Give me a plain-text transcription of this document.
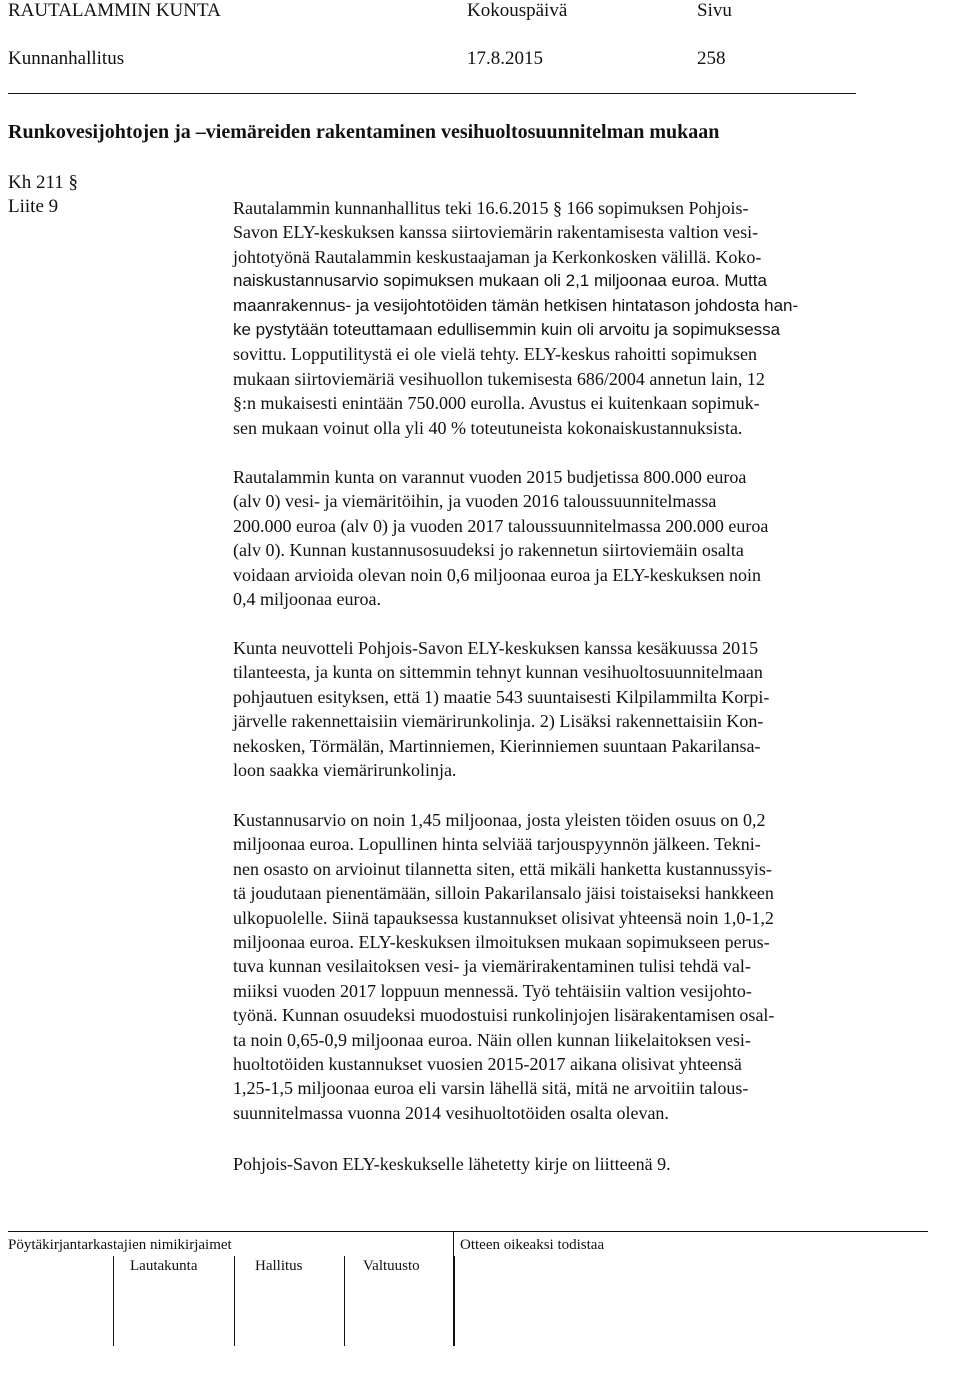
RAUTALAMMIN KUNTA	Kokouspäivä	Sivu
Kunnanhallitus	17.8.2015	258
Runkovesijohtojen ja –viemäreiden rakentaminen vesihuoltosuunnitelman mukaan
Kh 211 §
Liite 9	Rautalammin kunnanhallitus teki 16.6.2015 § 166 sopimuksen Pohjois-
Savon ELY-keskuksen kanssa siirtoviemärin rakentamisesta valtion vesi-
johtotyönä Rautalammin keskustaajaman ja Kerkonkosken välillä. Koko-
naiskustannusarvio sopimuksen mukaan oli 2,1 miljoonaa euroa. Mutta
maanrakennus- ja vesijohtotöiden tämän hetkisen hintatason johdosta han-
ke pystytään toteuttamaan edullisemmin kuin oli arvoitu ja sopimuksessa
sovittu. Lopputilitystä ei ole vielä tehty. ELY-keskus rahoitti sopimuksen
mukaan siirtoviemäriä vesihuollon tukemisesta 686/2004 annetun lain, 12
§:n mukaisesti enintään 750.000 eurolla. Avustus ei kuitenkaan sopimuk-
sen mukaan voinut olla yli 40 % toteutuneista kokonaiskustannuksista.
Rautalammin kunta on varannut vuoden 2015 budjetissa 800.000 euroa
(alv 0) vesi- ja viemäritöihin, ja vuoden 2016 taloussuunnitelmassa
200.000 euroa (alv 0) ja vuoden 2017 taloussuunnitelmassa 200.000 euroa
(alv 0). Kunnan kustannusosuudeksi jo rakennetun siirtoviemäin osalta
voidaan arvioida olevan noin 0,6 miljoonaa euroa ja ELY-keskuksen noin
0,4 miljoonaa euroa.
Kunta neuvotteli Pohjois-Savon ELY-keskuksen kanssa kesäkuussa 2015
tilanteesta, ja kunta on sittemmin tehnyt kunnan vesihuoltosuunnitelmaan
pohjautuen esityksen, että 1) maatie 543 suuntaisesti Kilpilammilta Korpi-
järvelle rakennettaisiin viemärirunkolinja. 2) Lisäksi rakennettaisiin Kon-
nekosken, Törmälän, Martinniemen, Kierinniemen suuntaan Pakarilansa-
loon saakka viemärirunkolinja.
Kustannusarvio on noin 1,45 miljoonaa, josta yleisten töiden osuus on 0,2
miljoonaa euroa. Lopullinen hinta selviää tarjouspyynnön jälkeen. Tekni-
nen osasto on arvioinut tilannetta siten, että mikäli hanketta kustannussyis-
tä joudutaan pienentämään, silloin Pakarilansalo jäisi toistaiseksi hankkeen
ulkopuolelle. Siinä tapauksessa kustannukset olisivat yhteensä noin 1,0-1,2
miljoonaa euroa. ELY-keskuksen ilmoituksen mukaan sopimukseen perus-
tuva kunnan vesilaitoksen vesi- ja viemärirakentaminen tulisi tehdä val-
miiksi vuoden 2017 loppuun mennessä. Työ tehtäisiin valtion vesijohto-
työnä. Kunnan osuudeksi muodostuisi runkolinjojen lisärakentamisen osal-
ta noin 0,65-0,9 miljoonaa euroa. Näin ollen kunnan liikelaitoksen vesi-
huoltotöiden kustannukset vuosien 2015-2017 aikana olisivat yhteensä
1,25-1,5 miljoonaa euroa eli varsin lähellä sitä, mitä ne arvoitiin talous-
suunnitelmassa vuonna 2014 vesihuoltotöiden osalta olevan.
Pohjois-Savon ELY-keskukselle lähetetty kirje on liitteenä 9.
Pöytäkirjantarkastajien nimikirjaimet	Otteen oikeaksi todistaa
Lautakunta	Hallitus	Valtuusto
